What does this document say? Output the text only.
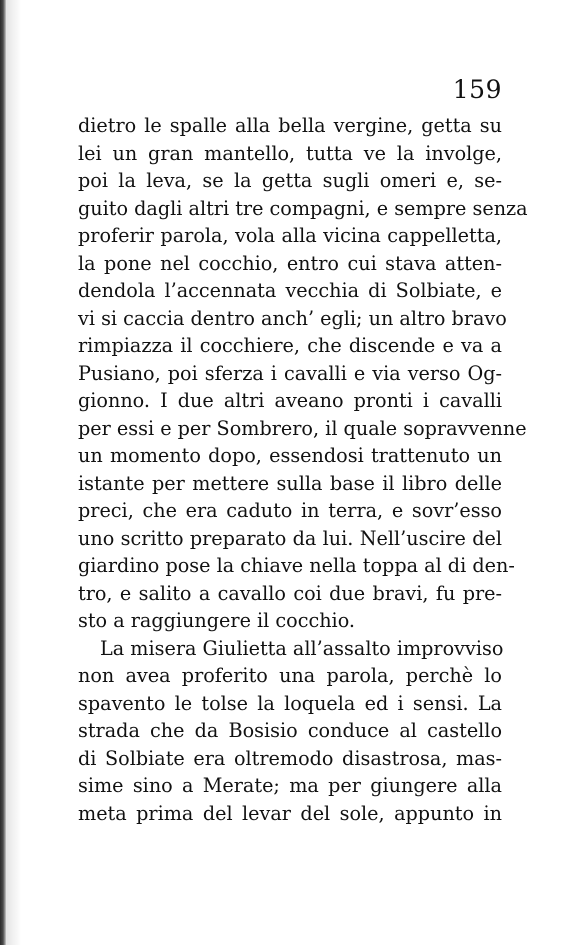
159
dietro le spalle alla bella vergine, getta su
lei un gran mantello, tutta ve la involge,
poi la leva, se la getta sugli omeri e, se-
guito dagli altri tre compagni, e sempre senza
proferir parola, vola alla vicina cappelletta,
la pone nel cocchio, entro cui stava atten-
dendola l’accennata vecchia di Solbiate, e
vi si caccia dentro anch’ egli; un altro bravo
rimpiazza il cocchiere, che discende e va a
Pusiano, poi sferza i cavalli e via verso Og-
gionno. I due altri aveano pronti i cavalli
per essi e per Sombrero, il quale sopravvenne
un momento dopo, essendosi trattenuto un
istante per mettere sulla base il libro delle
preci, che era caduto in terra, e sovr’esso
uno scritto preparato da lui. Nell’uscire del
giardino pose la chiave nella toppa al di den-
tro, e salito a cavallo coi due bravi, fu pre-
sto a raggiungere il cocchio.
La misera Giulietta all’assalto improvviso
non avea proferito una parola, perchè lo
spavento le tolse la loquela ed i sensi. La
strada che da Bosisio conduce al castello
di Solbiate era oltremodo disastrosa, mas-
sime sino a Merate; ma per giungere alla
meta prima del levar del sole, appunto in
